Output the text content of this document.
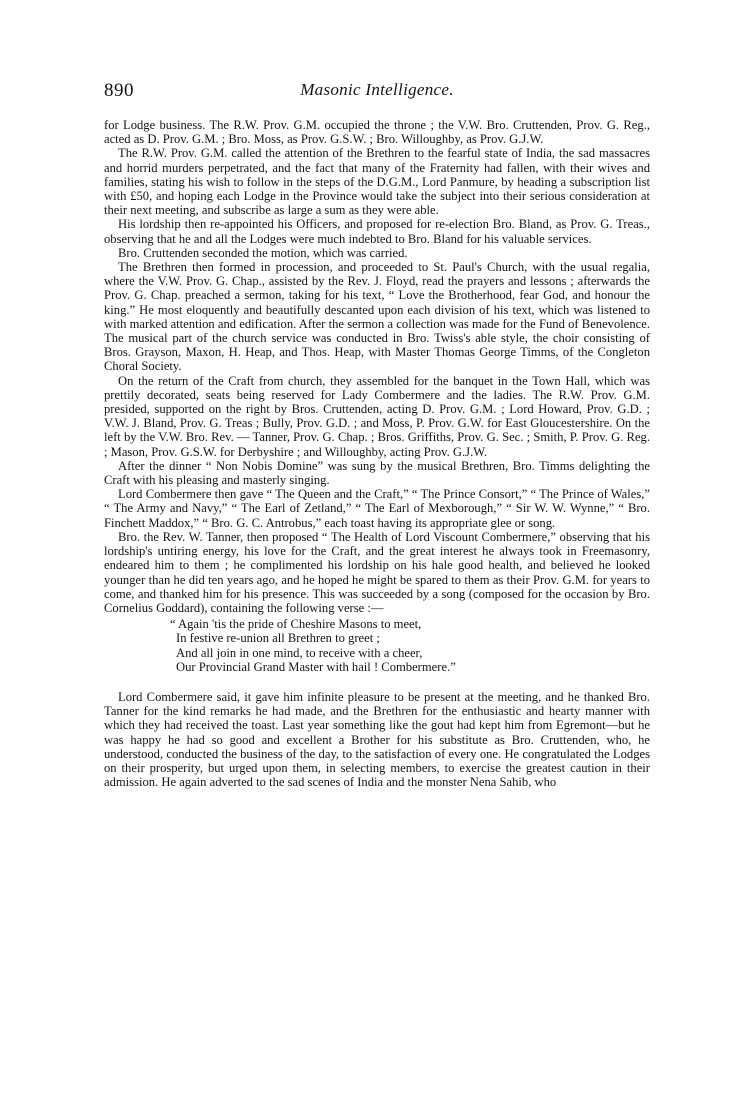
890	Masonic Intelligence.

for Lodge business. The R.W. Prov. G.M. occupied the throne ; the V.W. Bro. Cruttenden, Prov. G. Reg., acted as D. Prov. G.M. ; Bro. Moss, as Prov. G.S.W. ; Bro. Willoughby, as Prov. G.J.W.

The R.W. Prov. G.M. called the attention of the Brethren to the fearful state of India, the sad massacres and horrid murders perpetrated, and the fact that many of the Fraternity had fallen, with their wives and families, stating his wish to follow in the steps of the D.G.M., Lord Panmure, by heading a subscription list with £50, and hoping each Lodge in the Province would take the subject into their serious consideration at their next meeting, and subscribe as large a sum as they were able.

His lordship then re-appointed his Officers, and proposed for re-election Bro. Bland, as Prov. G. Treas., observing that he and all the Lodges were much indebted to Bro. Bland for his valuable services.

Bro. Cruttenden seconded the motion, which was carried.

The Brethren then formed in procession, and proceeded to St. Paul's Church, with the usual regalia, where the V.W. Prov. G. Chap., assisted by the Rev. J. Floyd, read the prayers and lessons ; afterwards the Prov. G. Chap. preached a sermon, taking for his text, “ Love the Brotherhood, fear God, and honour the king.” He most eloquently and beautifully descanted upon each division of his text, which was listened to with marked attention and edification. After the sermon a collection was made for the Fund of Benevolence. The musical part of the church service was conducted in Bro. Twiss's able style, the choir consisting of Bros. Grayson, Maxon, H. Heap, and Thos. Heap, with Master Thomas George Timms, of the Congleton Choral Society.

On the return of the Craft from church, they assembled for the banquet in the Town Hall, which was prettily decorated, seats being reserved for Lady Combermere and the ladies. The R.W. Prov. G.M. presided, supported on the right by Bros. Cruttenden, acting D. Prov. G.M. ; Lord Howard, Prov. G.D. ; V.W. J. Bland, Prov. G. Treas ; Bully, Prov. G.D. ; and Moss, P. Prov. G.W. for East Gloucestershire. On the left by the V.W. Bro. Rev. — Tanner, Prov. G. Chap. ; Bros. Griffiths, Prov. G. Sec. ; Smith, P. Prov. G. Reg. ; Mason, Prov. G.S.W. for Derbyshire ; and Willoughby, acting Prov. G.J.W.

After the dinner “ Non Nobis Domine” was sung by the musical Brethren, Bro. Timms delighting the Craft with his pleasing and masterly singing.

Lord Combermere then gave “ The Queen and the Craft,” “ The Prince Consort,” “ The Prince of Wales,” “ The Army and Navy,” “ The Earl of Zetland,” “ The Earl of Mexborough,” “ Sir W. W. Wynne,” “ Bro. Finchett Maddox,” “ Bro. G. C. Antrobus,” each toast having its appropriate glee or song.

Bro. the Rev. W. Tanner, then proposed “ The Health of Lord Viscount Combermere,” observing that his lordship's untiring energy, his love for the Craft, and the great interest he always took in Freemasonry, endeared him to them ; he complimented his lordship on his hale good health, and believed he looked younger than he did ten years ago, and he hoped he might be spared to them as their Prov. G.M. for years to come, and thanked him for his presence. This was succeeded by a song (composed for the occasion by Bro. Cornelius Goddard), containing the following verse :—

“ Again 'tis the pride of Cheshire Masons to meet,
In festive re-union all Brethren to greet ;
And all join in one mind, to receive with a cheer,
Our Provincial Grand Master with hail ! Combermere.”

Lord Combermere said, it gave him infinite pleasure to be present at the meeting, and he thanked Bro. Tanner for the kind remarks he had made, and the Brethren for the enthusiastic and hearty manner with which they had received the toast. Last year something like the gout had kept him from Egremont—but he was happy he had so good and excellent a Brother for his substitute as Bro. Cruttenden, who, he understood, conducted the business of the day, to the satisfaction of every one. He congratulated the Lodges on their prosperity, but urged upon them, in selecting members, to exercise the greatest caution in their admission. He again adverted to the sad scenes of India and the monster Nena Sahib, who
